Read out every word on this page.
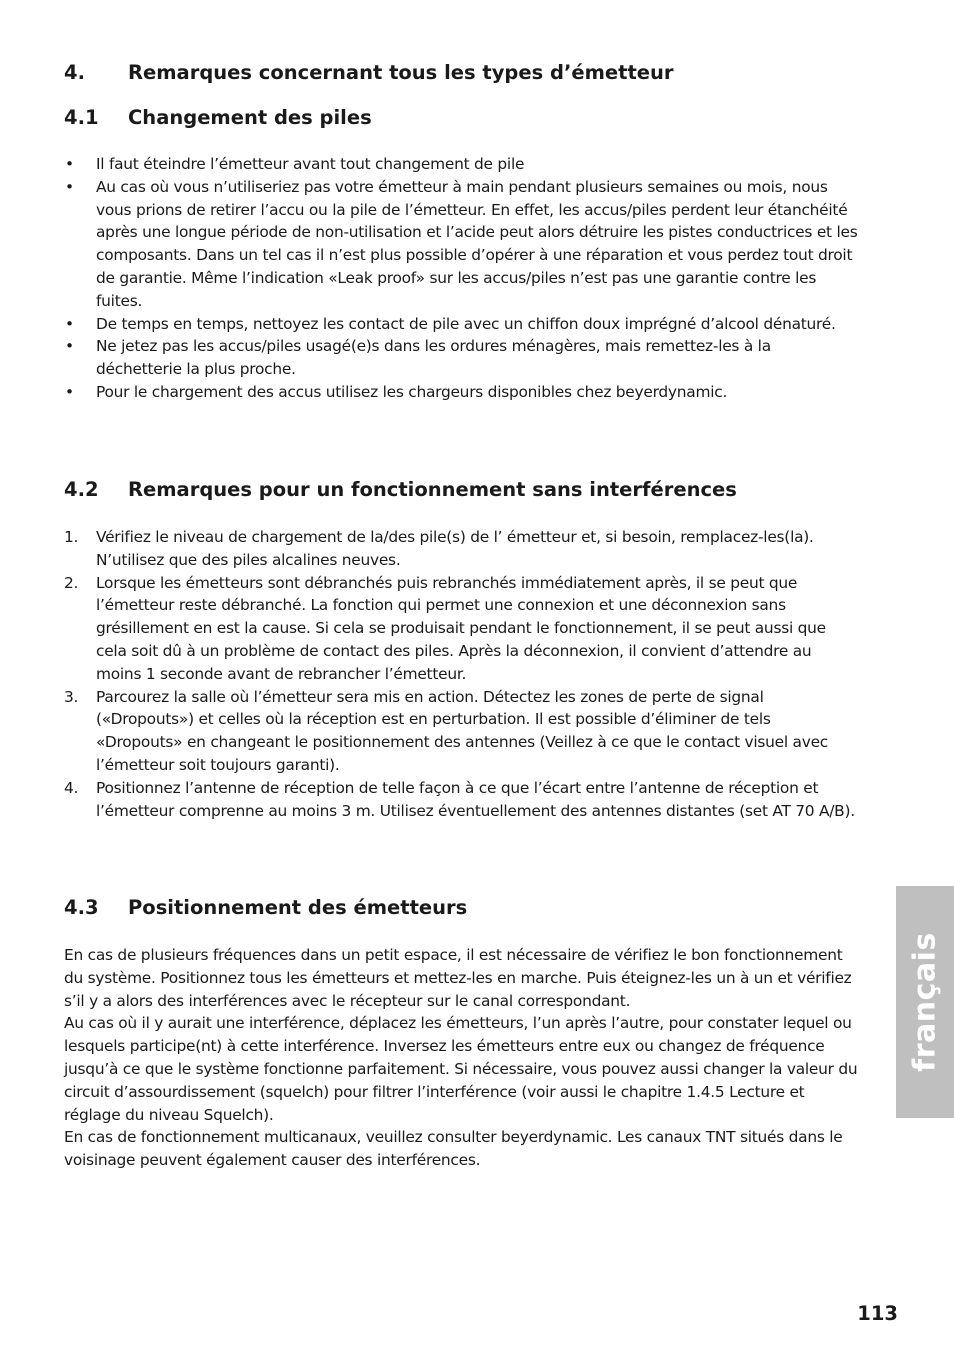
4. Remarques concernant tous les types d’émetteur
4.1 Changement des piles
•	Il faut éteindre l’émetteur avant tout changement de pile
•	Au cas où vous n’utiliseriez pas votre émetteur à main pendant plusieurs semaines ou mois, nous vous prions de retirer l’accu ou la pile de l’émetteur. En effet, les accus/piles perdent leur étanchéité après une longue période de non-utilisation et l’acide peut alors détruire les pistes conductrices et les composants. Dans un tel cas il n’est plus possible d’opérer à une réparation et vous perdez tout droit de garantie. Même l’indication «Leak proof» sur les accus/piles n’est pas une garantie contre les fuites.
•	De temps en temps, nettoyez les contact de pile avec un chiffon doux imprégné d’alcool dénaturé.
•	Ne jetez pas les accus/piles usagé(e)s dans les ordures ménagères, mais remettez-les à la déchetterie la plus proche.
•	Pour le chargement des accus utilisez les chargeurs disponibles chez beyerdynamic.
4.2 Remarques pour un fonctionnement sans interférences
1.	Vérifiez le niveau de chargement de la/des pile(s) de l’ émetteur et, si besoin, remplacez-les(la). N’utilisez que des piles alcalines neuves.
2.	Lorsque les émetteurs sont débranchés puis rebranchés immédiatement après, il se peut que l’émetteur reste débranché. La fonction qui permet une connexion et une déconnexion sans grésillement en est la cause. Si cela se produisait pendant le fonctionnement, il se peut aussi que cela soit dû à un problème de contact des piles. Après la déconnexion, il convient d’attendre au moins 1 seconde avant de rebrancher l’émetteur.
3.	Parcourez la salle où l’émetteur sera mis en action. Détectez les zones de perte de signal («Dropouts») et celles où la réception est en perturbation. Il est possible d’éliminer de tels «Dropouts» en changeant le positionnement des antennes (Veillez à ce que le contact visuel avec l’émetteur soit toujours garanti).
4.	Positionnez l’antenne de réception de telle façon à ce que l’écart entre l’antenne de réception et l’émetteur comprenne au moins 3 m. Utilisez éventuellement des antennes distantes (set AT 70 A/B).
4.3 Positionnement des émetteurs

En cas de plusieurs fréquences dans un petit espace, il est nécessaire de vérifiez le bon fonctionnement du système. Positionnez tous les émetteurs et mettez-les en marche. Puis éteignez-les un à un et vérifiez s’il y a alors des interférences avec le récepteur sur le canal correspondant.

Au cas où il y aurait une interférence, déplacez les émetteurs, l’un après l’autre, pour constater lequel ou lesquels participe(nt) à cette interférence. Inversez les émetteurs entre eux ou changez de fréquence jusqu’à ce que le système fonctionne parfaitement. Si nécessaire, vous pouvez aussi changer la valeur du circuit d’assourdissement (squelch) pour filtrer l’interférence (voir aussi le chapitre 1.4.5 Lecture et réglage du niveau Squelch).

En cas de fonctionnement multicanaux, veuillez consulter beyerdynamic. Les canaux TNT situés dans le voisinage peuvent également causer des interférences.

français
113
